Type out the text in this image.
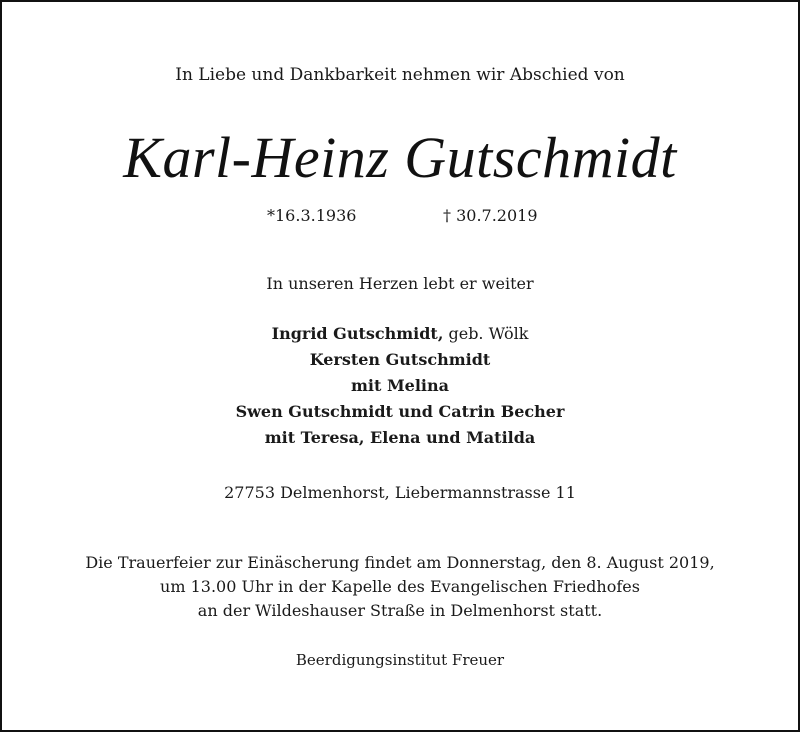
In Liebe und Dankbarkeit nehmen wir Abschied von
Karl-Heinz Gutschmidt
*16.3.1936	† 30.7.2019
In unseren Herzen lebt er weiter
Ingrid Gutschmidt, geb. Wölk
Kersten Gutschmidt
mit Melina
Swen Gutschmidt und Catrin Becher
mit Teresa, Elena und Matilda
27753 Delmenhorst, Liebermannstrasse 11
Die Trauerfeier zur Einäscherung findet am Donnerstag, den 8. August 2019,
um 13.00 Uhr in der Kapelle des Evangelischen Friedhofes
an der Wildeshauser Straße in Delmenhorst statt.
Beerdigungsinstitut Freuer
